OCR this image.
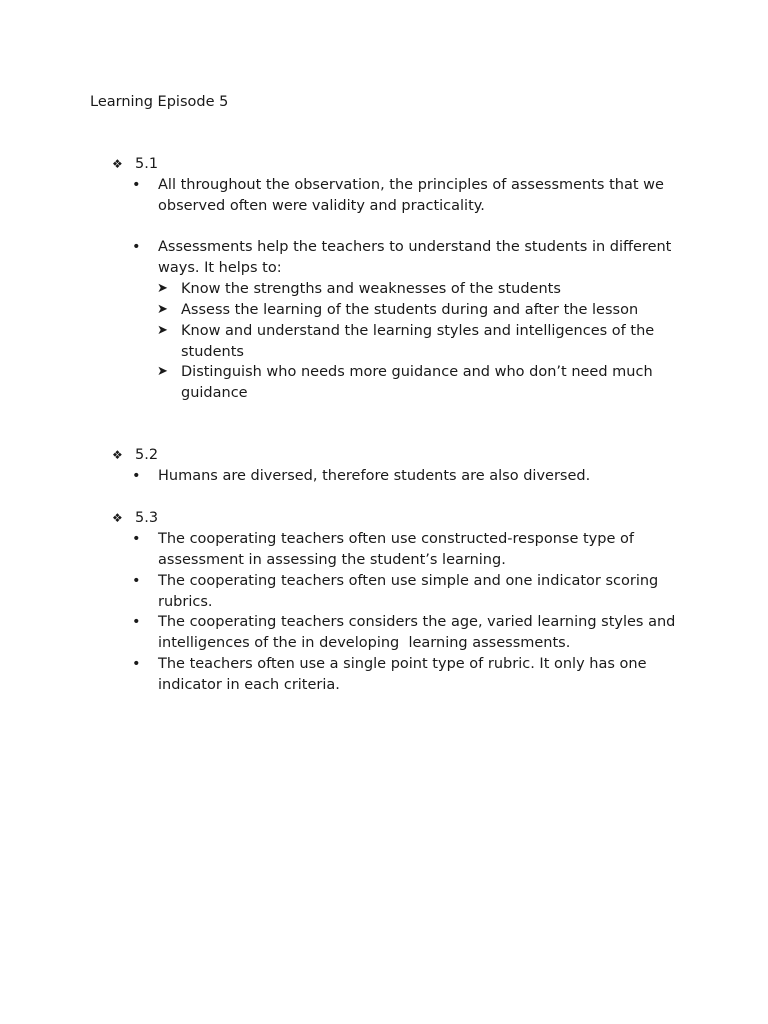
Learning Episode 5
❖ 5.1
•	All throughout the observation, the principles of assessments that we observed often were validity and practicality.
•	Assessments help the teachers to understand the students in different ways. It helps to:
➤ Know the strengths and weaknesses of the students
➤ Assess the learning of the students during and after the lesson
➤ Know and understand the learning styles and intelligences of the students
➤ Distinguish who needs more guidance and who don’t need much guidance
❖ 5.2
•	Humans are diversed, therefore students are also diversed.
❖ 5.3
•	The cooperating teachers often use constructed-response type of assessment in assessing the student’s learning.
•	The cooperating teachers often use simple and one indicator scoring rubrics.
•	The cooperating teachers considers the age, varied learning styles and intelligences of the in developing  learning assessments.
•	The teachers often use a single point type of rubric. It only has one indicator in each criteria.
